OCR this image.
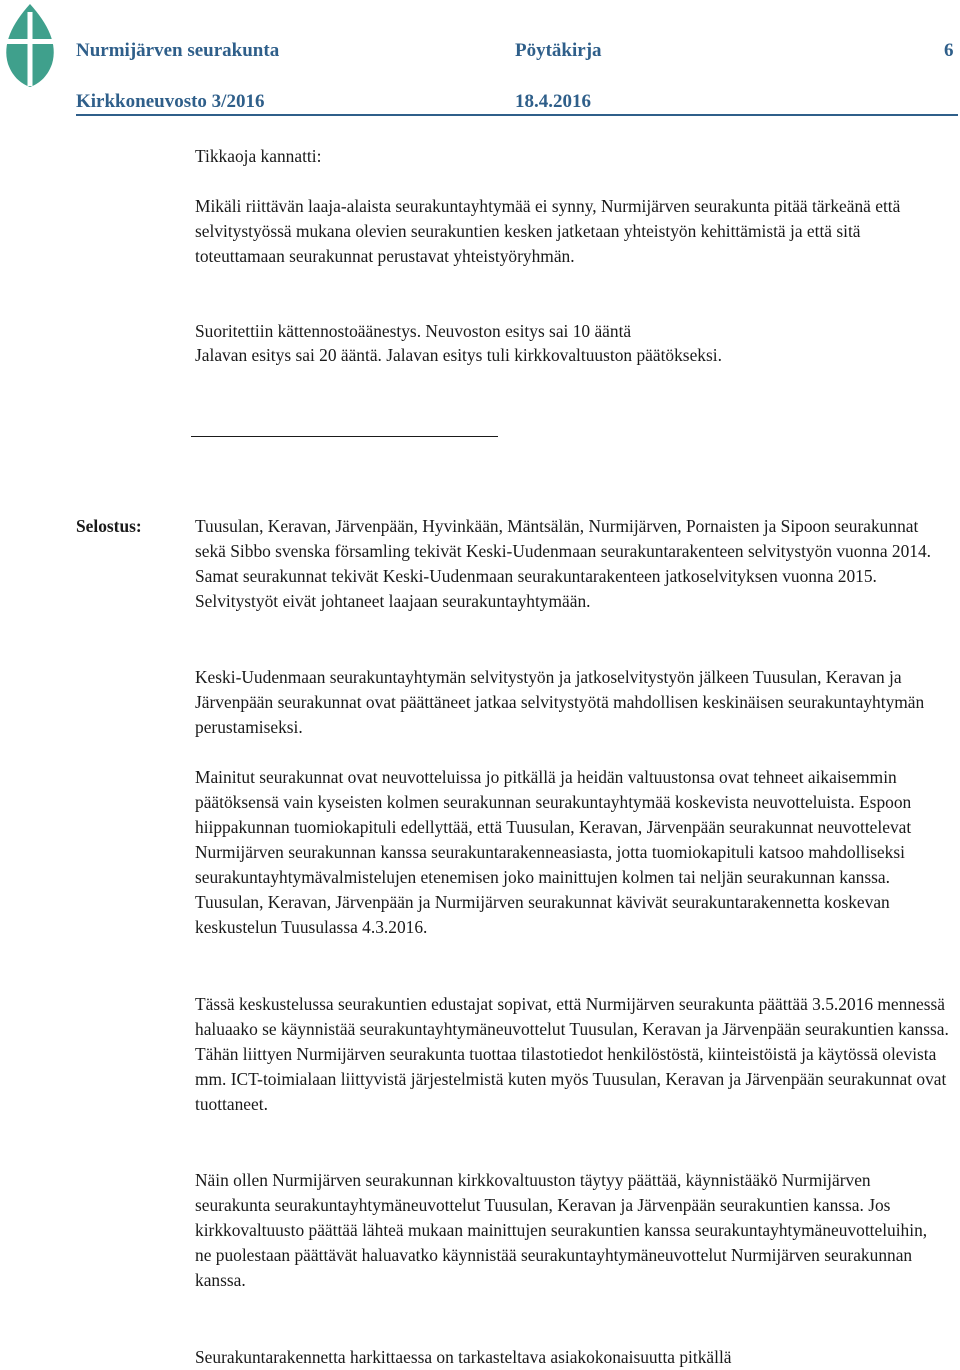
Nurmijärven seurakunta	Pöytäkirja	6
Kirkkoneuvosto 3/2016	18.4.2016
Tikkaoja kannatti:

Mikäli riittävän laaja-alaista seurakuntayhtymää ei synny, Nurmijärven seurakunta pitää tärkeänä että selvitystyössä mukana olevien seurakuntien kesken jatketaan yhteistyön kehittämistä ja että sitä toteuttamaan seurakunnat perustavat yhteistyöryhmän.

Suoritettiin kättennostoäänestys. Neuvoston esitys sai 10 ääntä
Jalavan esitys sai 20 ääntä. Jalavan esitys tuli kirkkovaltuuston päätökseksi.
Selostus:	Tuusulan, Keravan, Järvenpään, Hyvinkään, Mäntsälän, Nurmijärven, Pornaisten ja Sipoon seurakunnat sekä Sibbo svenska församling tekivät Keski-Uudenmaan seurakuntarakenteen selvitystyön vuonna 2014. Samat seurakunnat tekivät Keski-Uudenmaan seurakuntarakenteen jatkoselvityksen vuonna 2015. Selvitystyöt eivät johtaneet laajaan seurakuntayhtymään.

Keski-Uudenmaan seurakuntayhtymän selvitystyön ja jatkoselvitystyön jälkeen Tuusulan, Keravan ja Järvenpään seurakunnat ovat päättäneet jatkaa selvitystyötä mahdollisen keskinäisen seurakuntayhtymän perustamiseksi.

Mainitut seurakunnat ovat neuvotteluissa jo pitkällä ja heidän valtuustonsa ovat tehneet aikaisemmin päätöksensä vain kyseisten kolmen seurakunnan seurakuntayhtymää koskevista neuvotteluista. Espoon hiippakunnan tuomiokapituli edellyttää, että Tuusulan, Keravan, Järvenpään seurakunnat neuvottelevat Nurmijärven seurakunnan kanssa seurakuntarakenneasiasta, jotta tuomiokapituli katsoo mahdolliseksi seurakuntayhtymävalmistelujen etenemisen joko mainittujen kolmen tai neljän seurakunnan kanssa. Tuusulan, Keravan, Järvenpään ja Nurmijärven seurakunnat kävivät seurakuntarakennetta koskevan keskustelun Tuusulassa 4.3.2016.

Tässä keskustelussa seurakuntien edustajat sopivat, että Nurmijärven seurakunta päättää 3.5.2016 mennessä haluaako se käynnistää seurakuntayhtymäneuvottelut Tuusulan, Keravan ja Järvenpään seurakuntien kanssa. Tähän liittyen Nurmijärven seurakunta tuottaa tilastotiedot henkilöstöstä, kiinteistöistä ja käytössä olevista mm. ICT-toimialaan liittyvistä järjestelmistä kuten myös Tuusulan, Keravan ja Järvenpään seurakunnat ovat tuottaneet.

Näin ollen Nurmijärven seurakunnan kirkkovaltuuston täytyy päättää, käynnistääkö Nurmijärven seurakunta seurakuntayhtymäneuvottelut Tuusulan, Keravan ja Järvenpään seurakuntien kanssa. Jos kirkkovaltuusto päättää lähteä mukaan mainittujen seurakuntien kanssa seurakuntayhtymäneuvotteluihin, ne puolestaan päättävät haluavatko käynnistää seurakuntayhtymäneuvottelut Nurmijärven seurakunnan kanssa.

Seurakuntarakennetta harkittaessa on tarkasteltava asiakokonaisuutta pitkällä
